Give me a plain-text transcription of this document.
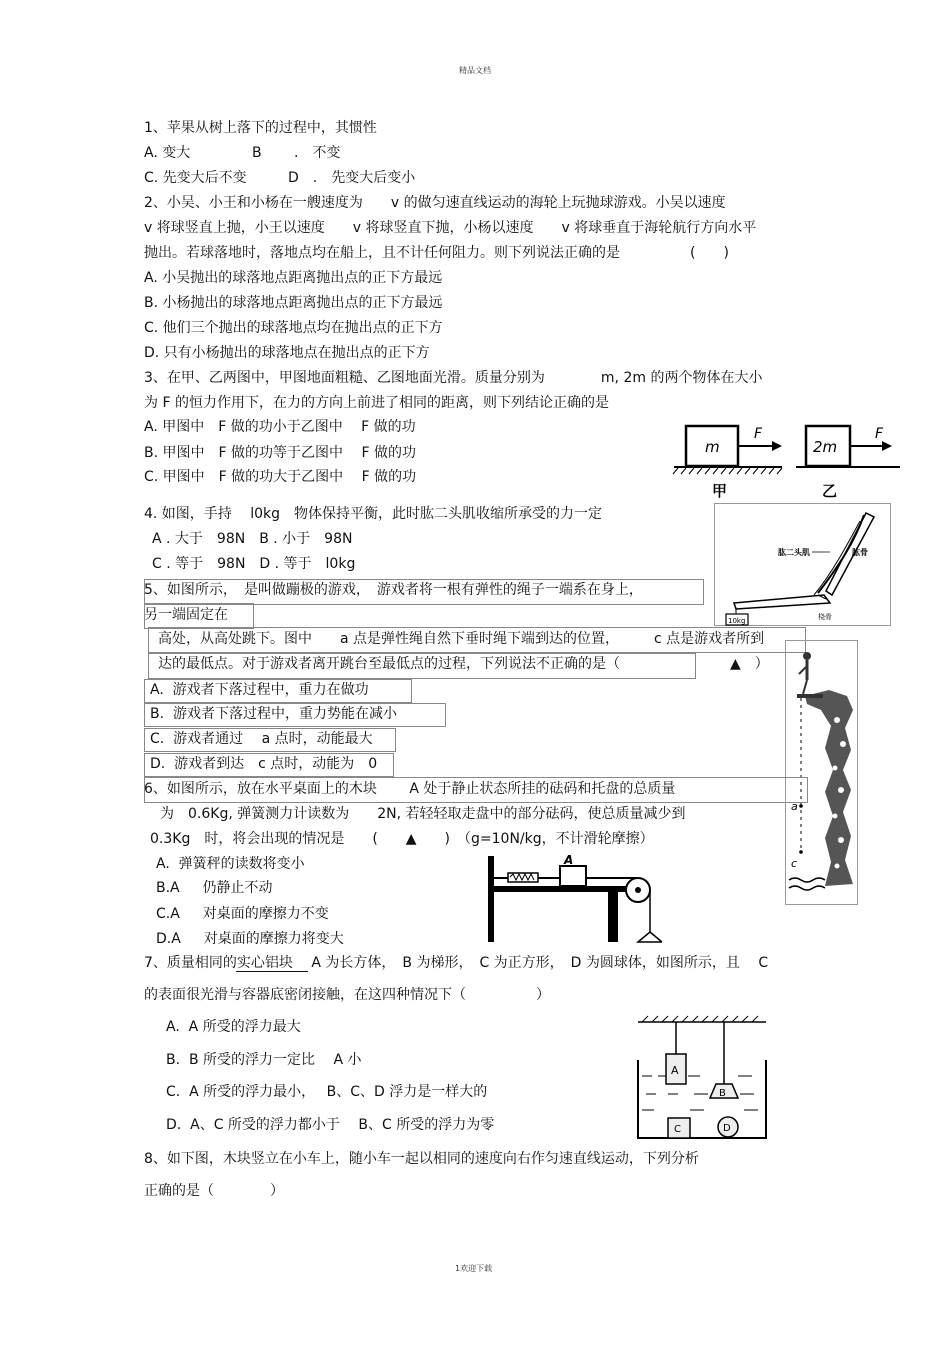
精品文档
1欢迎下载
1、苹果从树上落下的过程中，其惯性
A. 变大	B　　 .　不变
C. 先变大后不变	D　.　先变大后变小
2、小吴、小王和小杨在一艘速度为　　v 的做匀速直线运动的海轮上玩抛球游戏。小吴以速度
v 将球竖直上抛，小王以速度　　v 将球竖直下抛，小杨以速度　　v 将球垂直于海轮航行方向水平
抛出。若球落地时，落地点均在船上，且不计任何阻力。则下列说法正确的是　　　　　(　　)
A. 小吴抛出的球落地点距离抛出点的正下方最远
B. 小杨抛出的球落地点距离抛出点的正下方最远
C. 他们三个抛出的球落地点均在抛出点的正下方
D. 只有小杨抛出的球落地点在抛出点的正下方
3、在甲、乙两图中，甲图地面粗糙、乙图地面光滑。质量分别为　　　　m, 2m 的两个物体在大小
为 F 的恒力作用下，在力的方向上前进了相同的距离，则下列结论正确的是
A. 甲图中　F 做的功小于乙图中　 F 做的功
B. 甲图中　F 做的功等于乙图中　 F 做的功
C. 甲图中　F 做的功大于乙图中　 F 做的功
m
F
甲
2m
F
乙
4. 如图，手持　 l0kg　物体保持平衡，此时肱二头肌收缩所承受的力一定
A . 大于　98N　B . 小于　98N
C . 等于　98N　D . 等于　l0kg
10kg
肱二头肌	肱骨
桡骨
5、如图所示，　是叫做蹦极的游戏，　游戏者将一根有弹性的绳子一端系在身上，
另一端固定在
高处，从高处跳下。图中　　a 点是弹性绳自然下垂时绳下端到达的位置，　　　c 点是游戏者所到
达的最低点。对于游戏者离开跳台至最低点的过程，下列说法不正确的是（	▲　）
A.  游戏者下落过程中，重力在做功
B.  游戏者下落过程中，重力势能在减小
C.  游戏者通过　 a 点时，动能最大
D.  游戏者到达　c 点时，动能为　0
a
c
6、如图所示，放在水平桌面上的木块　　 A 处于静止状态所挂的砝码和托盘的总质量
为　0.6Kg, 弹簧测力计读数为　　2N, 若轻轻取走盘中的部分砝码，使总质量减少到
0.3Kg　时，将会出现的情况是　　(　　▲　　)　（g=10N/kg，不计滑轮摩擦）
A.  弹簧秤的读数将变小
B.A　  仍静止不动
C.A　  对桌面的摩擦力不变
D.A　  对桌面的摩擦力将变大
A
7、质量相同的实心铝块　 A 为长方体，　B 为梯形，　C 为正方形，　D 为圆球体，如图所示，且　 C
的表面很光滑与容器底密闭接触，在这四种情况下（　　　　　）
A.  A 所受的浮力最大
B.  B 所受的浮力一定比　 A 小
C.  A 所受的浮力最小，　 B、C、D 浮力是一样大的
D.  A、C 所受的浮力都小于　 B、C 所受的浮力为零
A
B
C	D
8、如下图，木块竖立在小车上，随小车一起以相同的速度向右作匀速直线运动，下列分析
正确的是（　　　　）
